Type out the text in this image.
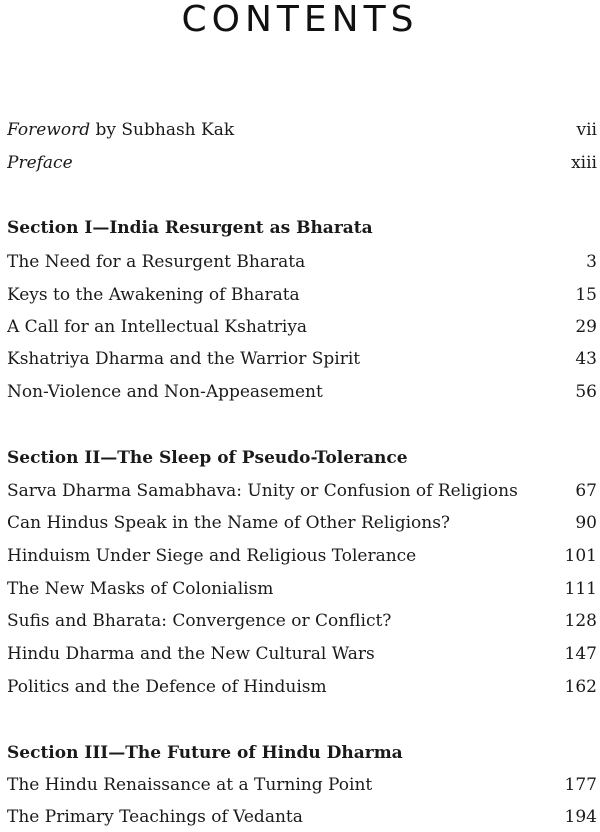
CONTENTS
Foreword by Subhash Kak	vii
Preface	xiii
Section I—India Resurgent as Bharata
The Need for a Resurgent Bharata	3
Keys to the Awakening of Bharata	15
A Call for an Intellectual Kshatriya	29
Kshatriya Dharma and the Warrior Spirit	43
Non-Violence and Non-Appeasement	56
Section II—The Sleep of Pseudo-Tolerance
Sarva Dharma Samabhava: Unity or Confusion of Religions	67
Can Hindus Speak in the Name of Other Religions?	90
Hinduism Under Siege and Religious Tolerance	101
The New Masks of Colonialism	111
Sufis and Bharata: Convergence or Conflict?	128
Hindu Dharma and the New Cultural Wars	147
Politics and the Defence of Hinduism	162
Section III—The Future of Hindu Dharma
The Hindu Renaissance at a Turning Point	177
The Primary Teachings of Vedanta	194
